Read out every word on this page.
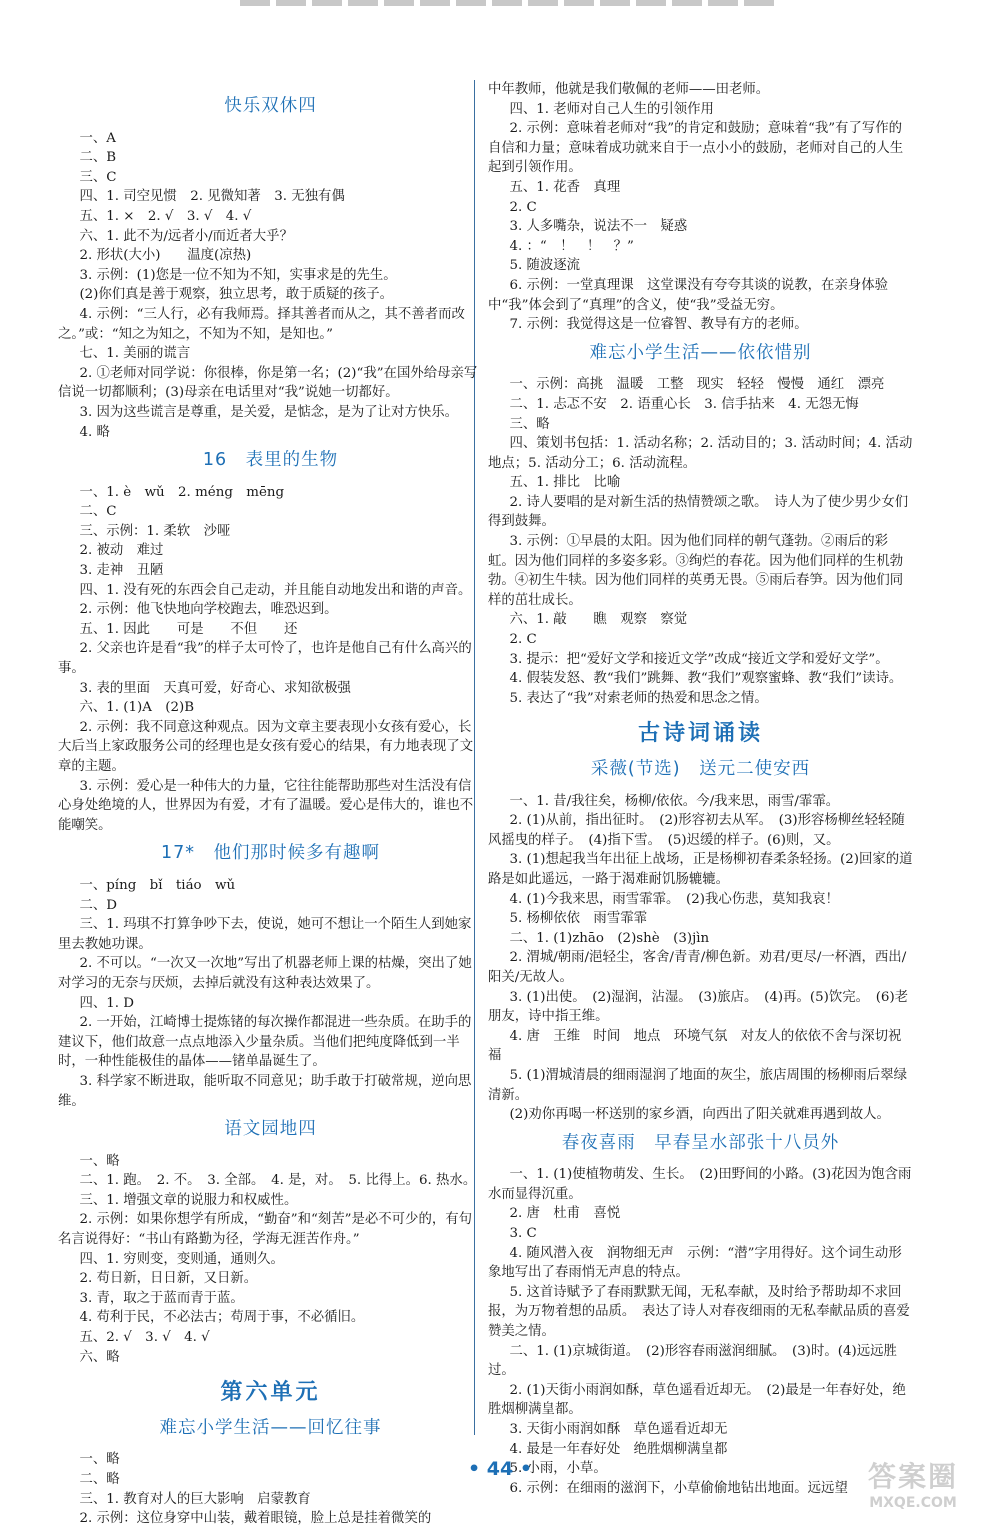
快乐双休四
一、A
二、B
三、C
四、1. 司空见惯　2. 见微知著　3. 无独有偶
五、1. ×　2. √　3. √　4. √
六、1. 此不为/远者小/而近者大乎？
2. 形状(大小)　　温度(凉热)
3. 示例：(1)您是一位不知为不知，实事求是的先生。
(2)你们真是善于观察，独立思考，敢于质疑的孩子。
4. 示例：“三人行，必有我师焉。择其善者而从之，其不善者而改之。”或：“知之为知之，不知为不知，是知也。”
七、1. 美丽的谎言
2. ①老师对同学说：你很棒，你是第一名；(2)“我”在国外给母亲写信说一切都顺利；(3)母亲在电话里对“我”说她一切都好。
3. 因为这些谎言是尊重，是关爱，是惦念，是为了让对方快乐。
4. 略
16　表里的生物
一、1. è　wǔ　2. méng　mēng
二、C
三、示例：1. 柔软　沙哑
2. 被动　难过
3. 走神　丑陋
四、1. 没有死的东西会自己走动，并且能自动地发出和谐的声音。
2. 示例：他飞快地向学校跑去，唯恐迟到。
五、1. 因此　　可是　　不但　　还
2. 父亲也许是看“我”的样子太可怜了，也许是他自己有什么高兴的事。
3. 表的里面　天真可爱，好奇心、求知欲极强
六、1. (1)A　(2)B
2. 示例：我不同意这种观点。因为文章主要表现小女孩有爱心，长大后当上家政服务公司的经理也是女孩有爱心的结果，有力地表现了文章的主题。
3. 示例：爱心是一种伟大的力量，它往往能帮助那些对生活没有信心身处绝境的人，世界因为有爱，才有了温暖。爱心是伟大的，谁也不能嘲笑。
17*　他们那时候多有趣啊
一、píng　bǐ　tiáo　wǔ
二、D
三、1. 玛琪不打算争吵下去，使说，她可不想让一个陌生人到她家里去教她功课。
2. 不可以。“一次又一次地”写出了机器老师上课的枯燥，突出了她对学习的无奈与厌烦，去掉后就没有这种表达效果了。
四、1. D
2. 一开始，江崎博士提炼锗的每次操作都混进一些杂质。在助手的建议下，他们故意一点点地添入少量杂质。当他们把纯度降低到一半时，一种性能极佳的晶体——锗单晶诞生了。
3. 科学家不断进取，能听取不同意见；助手敢于打破常规，逆向思维。
语文园地四
一、略
二、1. 跑。　2. 不。　3. 全部。　4. 是，对。　5. 比得上。6. 热水。
三、1. 增强文章的说服力和权威性。
2. 示例：如果你想学有所成，“勤奋”和“刻苦”是必不可少的，有句名言说得好：“书山有路勤为径，学海无涯苦作舟。”
四、1. 穷则变，变则通，通则久。
2. 苟日新，日日新，又日新。
3. 青，取之于蓝而青于蓝。
4. 苟利于民，不必法古；苟周于事，不必循旧。
五、2. √　3. √　4. √
六、略
第六单元
难忘小学生活——回忆往事
一、略
二、略
三、1. 教育对人的巨大影响　启蒙教育
2. 示例：这位身穿中山装，戴着眼镜，脸上总是挂着微笑的
中年教师，他就是我们敬佩的老师——田老师。
四、1. 老师对自己人生的引领作用
2. 示例：意味着老师对“我”的肯定和鼓励；意味着“我”有了写作的自信和力量；意味着成功就来自于一点小小的鼓励，老师对自己的人生起到引领作用。
五、1. 花香　真理
2. C
3. 人多嘴杂，说法不一　疑惑
4. ：“　！　！　？”
5. 随波逐流
6. 示例：一堂真理课　这堂课没有夸夸其谈的说教，在亲身体验中“我”体会到了“真理”的含义，使“我”受益无穷。
7. 示例：我觉得这是一位睿智、教导有方的老师。
难忘小学生活——依依惜别
一、示例：高挑　温暖　工整　现实　轻轻　慢慢　通红　漂亮
二、1. 忐忑不安　2. 语重心长　3. 信手拈来　4. 无怨无悔
三、略
四、策划书包括：1. 活动名称；2. 活动目的；3. 活动时间；4. 活动地点；5. 活动分工；6. 活动流程。
五、1. 排比　比喻
2. 诗人要唱的是对新生活的热情赞颂之歌。　诗人为了使少男少女们得到鼓舞。
3. 示例：①早晨的太阳。因为他们同样的朝气蓬勃。②雨后的彩虹。因为他们同样的多姿多彩。③绚烂的春花。因为他们同样的生机勃勃。④初生牛犊。因为他们同样的英勇无畏。⑤雨后春笋。因为他们同样的茁壮成长。
六、1. 敲　　瞧　观察　察觉
2. C
3. 提示：把“爱好文学和接近文学”改成“接近文学和爱好文学”。
4. 假装发怒、教“我们”跳舞、教“我们”观察蜜蜂、教“我们”读诗。
5. 表达了“我”对索老师的热爱和思念之情。
古诗词诵读
采薇(节选)　送元二使安西
一、1. 昔/我往矣，杨柳/依依。今/我来思，雨雪/霏霏。
2. (1)从前，指出征时。　(2)形容初去从军。　(3)形容杨柳丝轻轻随风摇曳的样子。　(4)指下雪。　(5)迟缓的样子。(6)则，又。
3. (1)想起我当年出征上战场，正是杨柳初春柔条轻扬。(2)回家的道路是如此遥远，一路于渴难耐饥肠辘辘。
4. (1)今我来思，雨雪霏霏。　(2)我心伤悲，莫知我哀！
5. 杨柳依依　雨雪霏霏
二、1. (1)zhāo　(2)shè　(3)jìn
2. 渭城/朝雨/浥轻尘，客舍/青青/柳色新。劝君/更尽/一杯酒，西出/阳关/无故人。
3. (1)出使。　(2)湿润，沾湿。　(3)旅店。　(4)再。(5)饮完。　(6)老朋友，诗中指王维。
4. 唐　王维　时间　地点　环境气氛　对友人的依依不舍与深切祝福
5. (1)渭城清晨的细雨湿润了地面的灰尘，旅店周围的杨柳雨后翠绿清新。
(2)劝你再喝一杯送别的家乡酒，向西出了阳关就难再遇到故人。
春夜喜雨　早春呈水部张十八员外
一、1. (1)使植物萌发、生长。　(2)田野间的小路。(3)花因为饱含雨水而显得沉重。
2. 唐　杜甫　喜悦
3. C
4. 随风潜入夜　润物细无声　示例：“潜”字用得好。这个词生动形象地写出了春雨悄无声息的特点。
5. 这首诗赋予了春雨默默无闻，无私奉献，及时给予帮助却不求回报，为万物着想的品质。　表达了诗人对春夜细雨的无私奉献品质的喜爱赞美之情。
二、1. (1)京城街道。　(2)形容春雨滋润细腻。　(3)时。(4)远远胜过。
2. (1)天街小雨润如酥，草色遥看近却无。　(2)最是一年春好处，绝胜烟柳满皇都。
3. 天街小雨润如酥　草色遥看近却无
4. 最是一年春好处　绝胜烟柳满皇都
5. 小雨，小草。
6. 示例：在细雨的滋润下，小草偷偷地钻出地面。远远望
• 44 •	答案圈
MXQE.COM
